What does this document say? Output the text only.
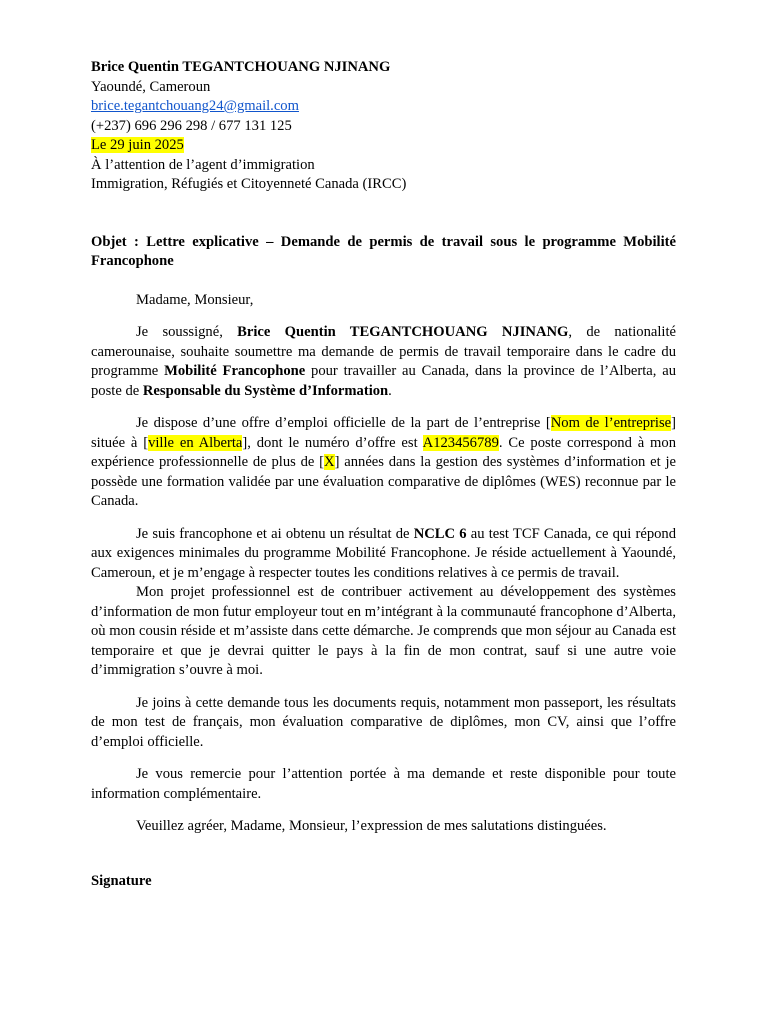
Brice Quentin TEGANTCHOUANG NJINANG
Yaoundé, Cameroun
brice.tegantchouang24@gmail.com
(+237) 696 296 298 / 677 131 125
Le 29 juin 2025
À l’attention de l’agent d’immigration
Immigration, Réfugiés et Citoyenneté Canada (IRCC)

Objet : Lettre explicative – Demande de permis de travail sous le programme Mobilité Francophone

Madame, Monsieur,

Je soussigné, Brice Quentin TEGANTCHOUANG NJINANG, de nationalité camerounaise, souhaite soumettre ma demande de permis de travail temporaire dans le cadre du programme Mobilité Francophone pour travailler au Canada, dans la province de l’Alberta, au poste de Responsable du Système d’Information.

Je dispose d’une offre d’emploi officielle de la part de l’entreprise [Nom de l’entreprise] située à [ville en Alberta], dont le numéro d’offre est A123456789. Ce poste correspond à mon expérience professionnelle de plus de [X] années dans la gestion des systèmes d’information et je possède une formation validée par une évaluation comparative de diplômes (WES) reconnue par le Canada.

Je suis francophone et ai obtenu un résultat de NCLC 6 au test TCF Canada, ce qui répond aux exigences minimales du programme Mobilité Francophone. Je réside actuellement à Yaoundé, Cameroun, et je m’engage à respecter toutes les conditions relatives à ce permis de travail.

Mon projet professionnel est de contribuer activement au développement des systèmes d’information de mon futur employeur tout en m’intégrant à la communauté francophone d’Alberta, où mon cousin réside et m’assiste dans cette démarche. Je comprends que mon séjour au Canada est temporaire et que je devrai quitter le pays à la fin de mon contrat, sauf si une autre voie d’immigration s’ouvre à moi.

Je joins à cette demande tous les documents requis, notamment mon passeport, les résultats de mon test de français, mon évaluation comparative de diplômes, mon CV, ainsi que l’offre d’emploi officielle.

Je vous remercie pour l’attention portée à ma demande et reste disponible pour toute information complémentaire.

Veuillez agréer, Madame, Monsieur, l’expression de mes salutations distinguées.

Signature
